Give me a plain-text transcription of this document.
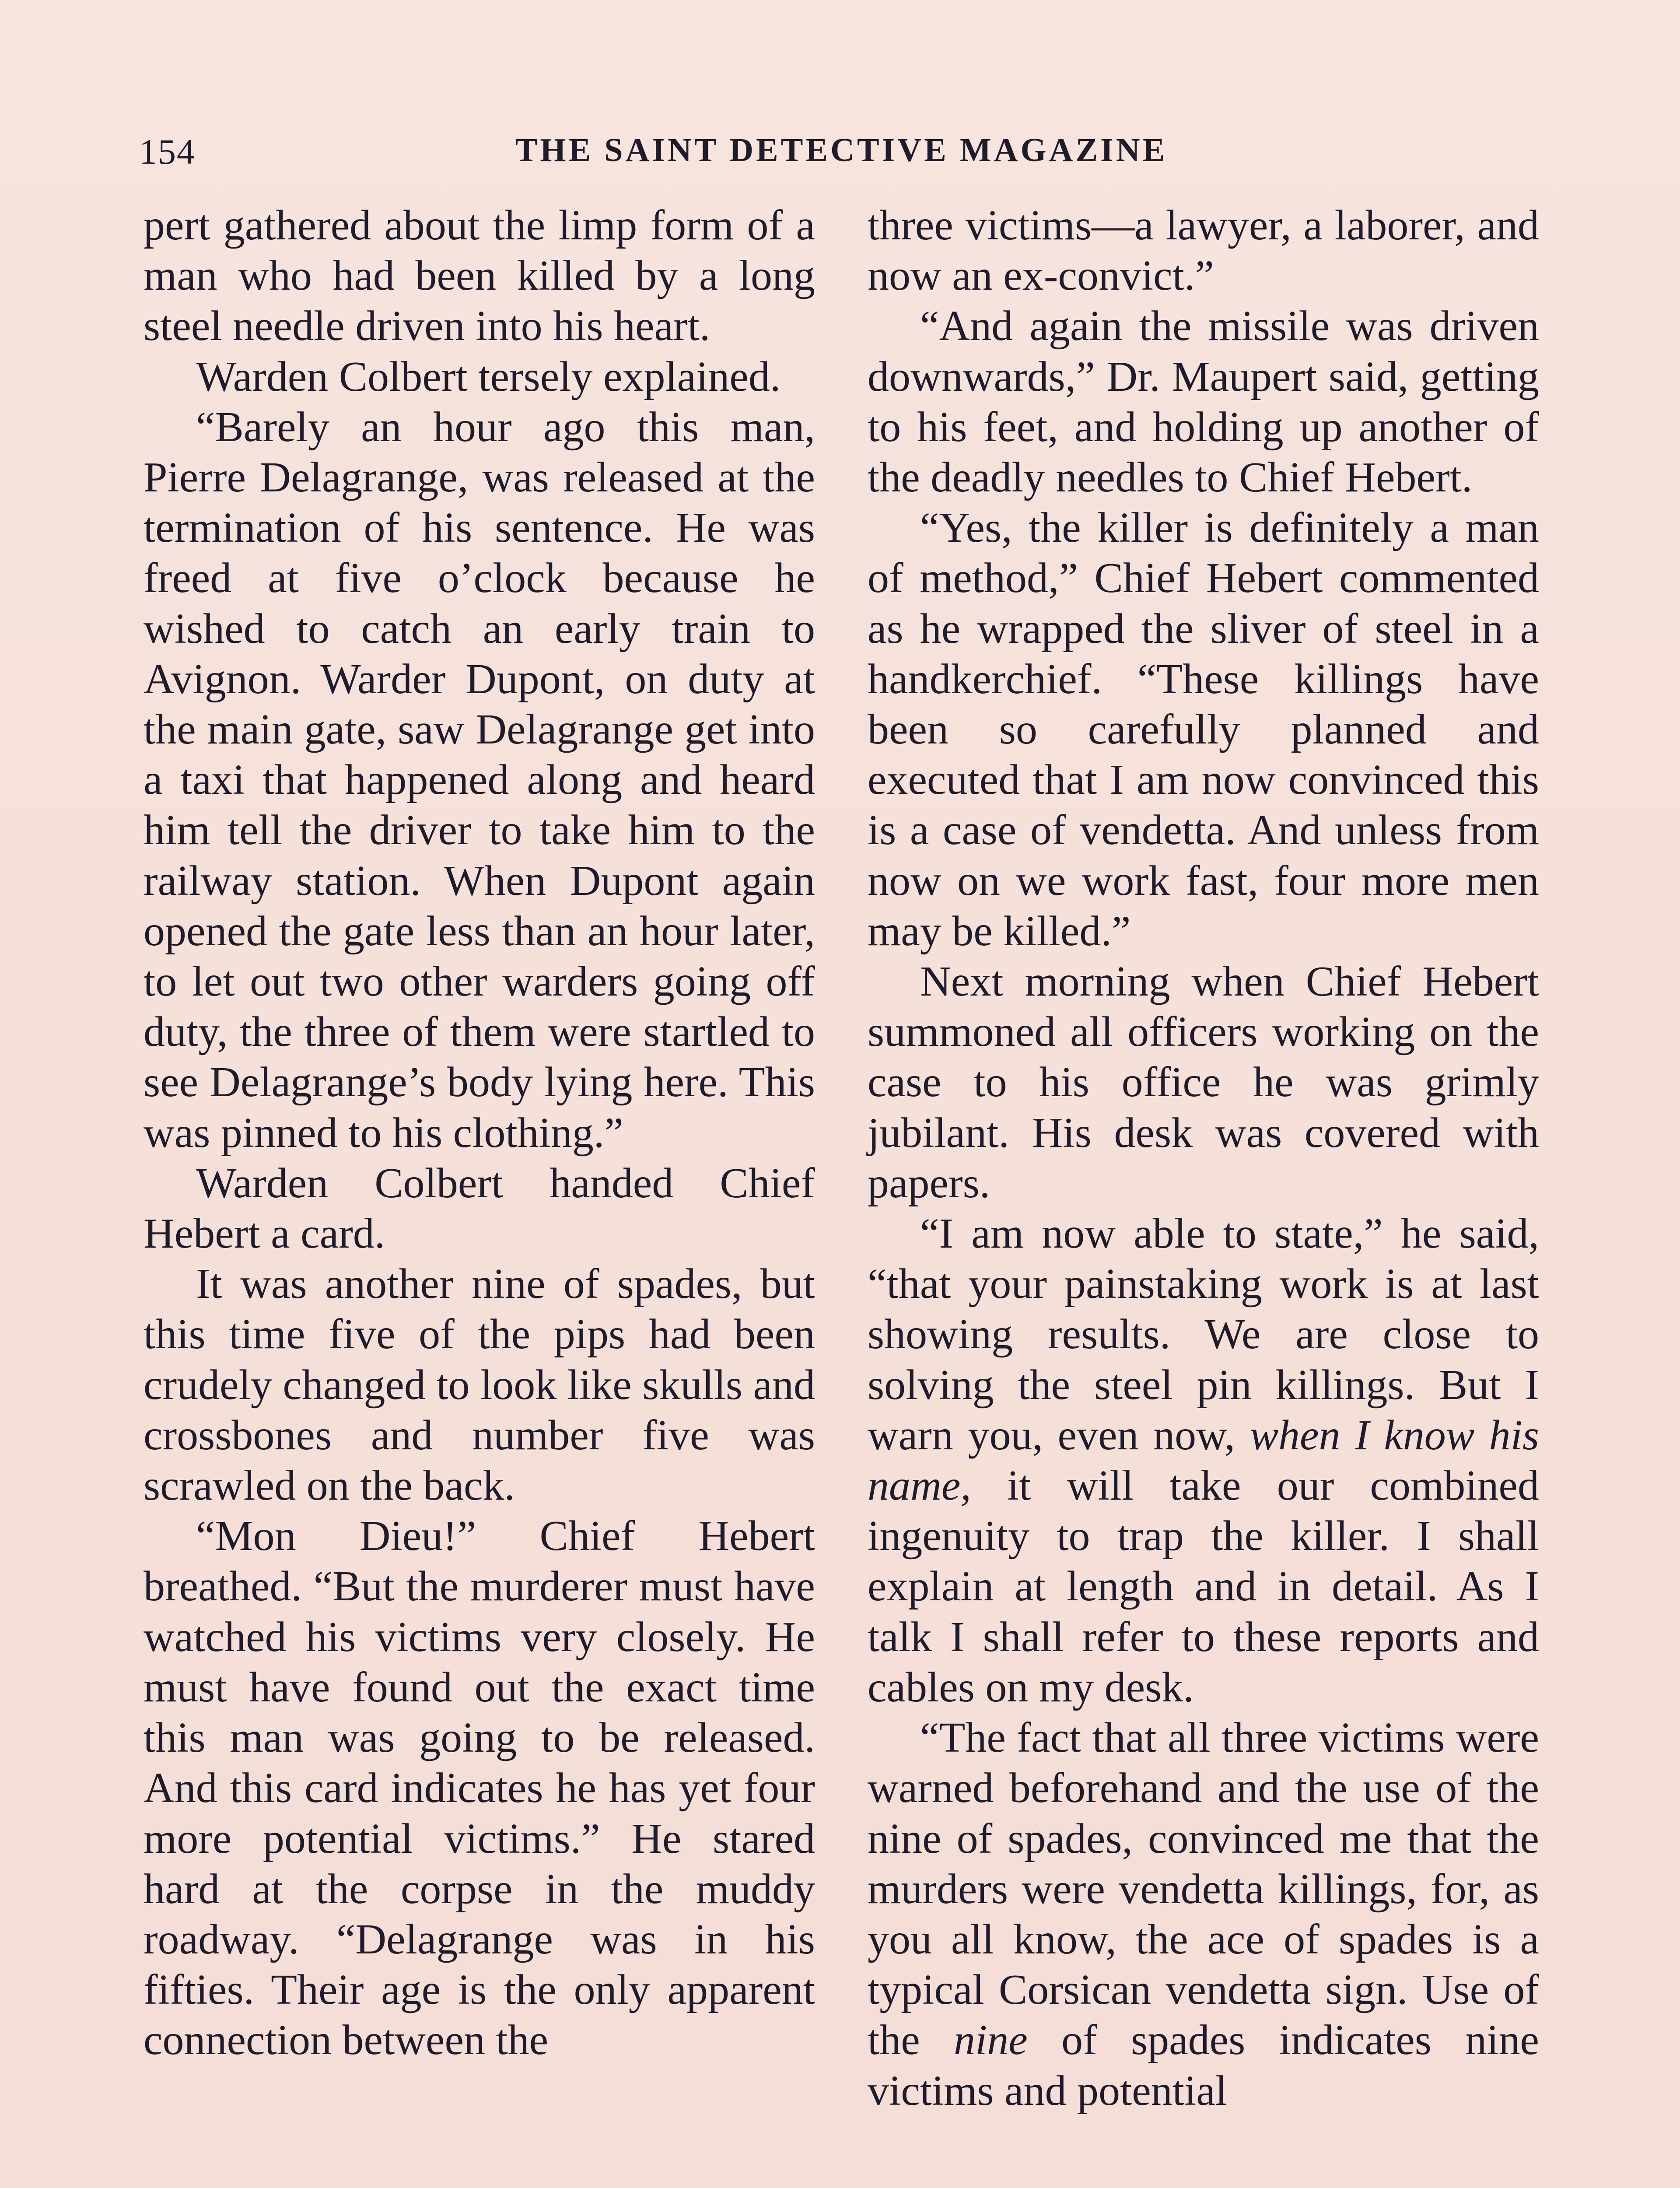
154	THE SAINT DETECTIVE MAGAZINE

pert gathered about the limp form of a man who had been killed by a long steel needle driven into his heart.

Warden Colbert tersely explained.

“Barely an hour ago this man, Pierre Delagrange, was released at the termination of his sentence. He was freed at five o’clock because he wished to catch an early train to Avignon. Warder Dupont, on duty at the main gate, saw Delagrange get into a taxi that happened along and heard him tell the driver to take him to the railway station. When Dupont again opened the gate less than an hour later, to let out two other warders going off duty, the three of them were startled to see Delagrange’s body lying here. This was pinned to his clothing.”

Warden Colbert handed Chief Hebert a card.

It was another nine of spades, but this time five of the pips had been crudely changed to look like skulls and crossbones and number five was scrawled on the back.

“Mon Dieu!” Chief Hebert breathed. “But the murderer must have watched his victims very closely. He must have found out the exact time this man was going to be released. And this card indicates he has yet four more potential victims.” He stared hard at the corpse in the muddy roadway. “Delagrange was in his fifties. Their age is the only apparent connection between the

three victims—a lawyer, a laborer, and now an ex-convict.”

“And again the missile was driven downwards,” Dr. Maupert said, getting to his feet, and holding up another of the deadly needles to Chief Hebert.

“Yes, the killer is definitely a man of method,” Chief Hebert commented as he wrapped the sliver of steel in a handkerchief. “These killings have been so carefully planned and executed that I am now convinced this is a case of vendetta. And unless from now on we work fast, four more men may be killed.”

Next morning when Chief Hebert summoned all officers working on the case to his office he was grimly jubilant. His desk was covered with papers.

“I am now able to state,” he said, “that your painstaking work is at last showing results. We are close to solving the steel pin killings. But I warn you, even now, when I know his name, it will take our combined ingenuity to trap the killer. I shall explain at length and in detail. As I talk I shall refer to these reports and cables on my desk.

“The fact that all three victims were warned beforehand and the use of the nine of spades, convinced me that the murders were vendetta killings, for, as you all know, the ace of spades is a typical Corsican vendetta sign. Use of the nine of spades indicates nine victims and potential
